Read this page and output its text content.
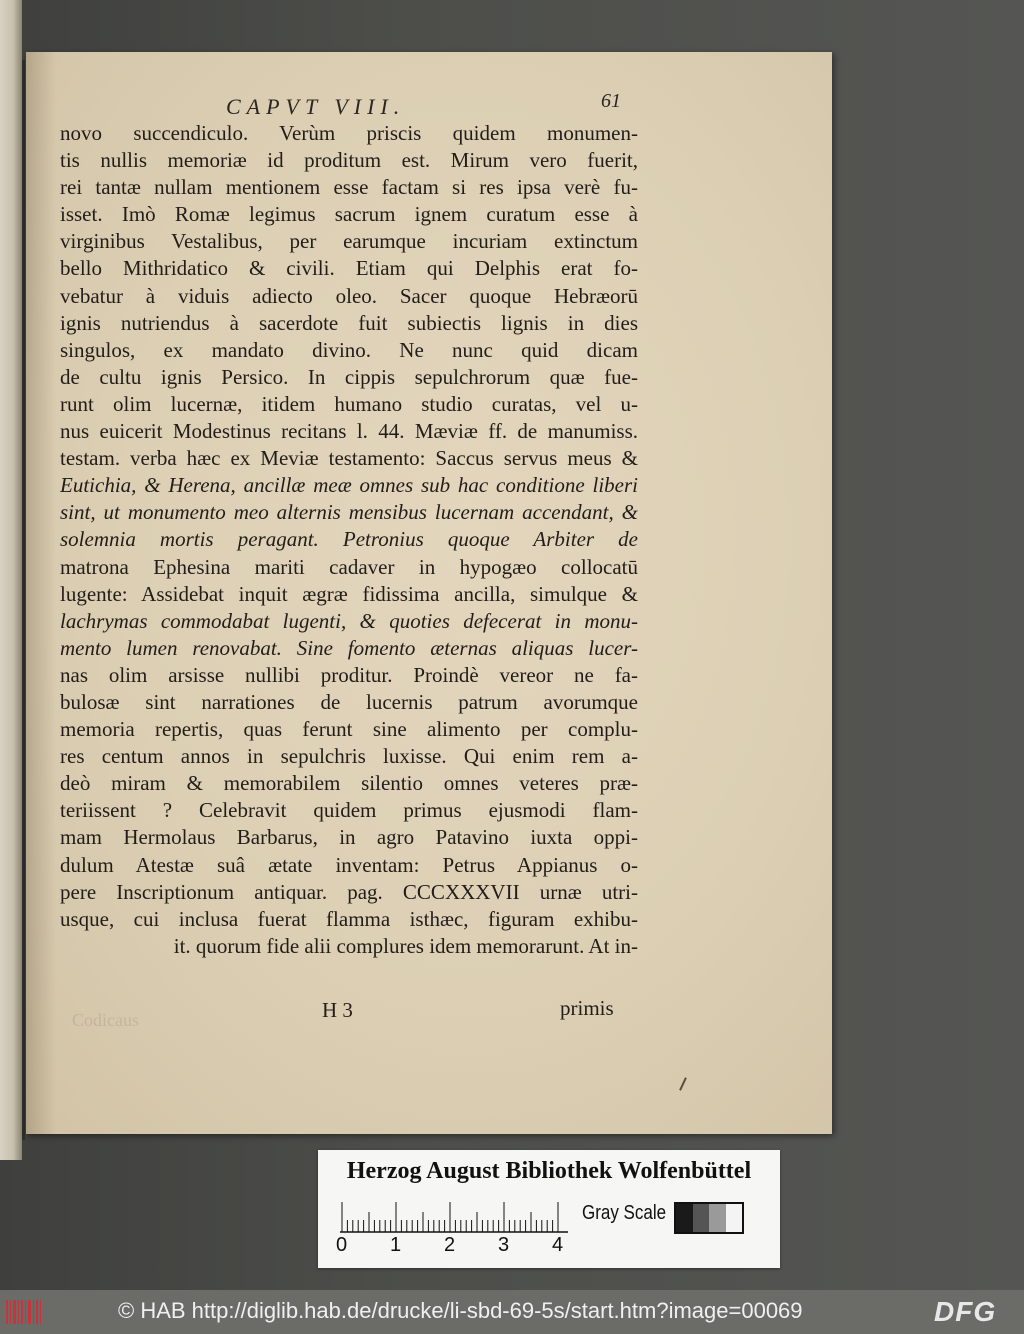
CAPVT VIII.	61
novo succendiculo. Verùm priscis quidem monumen-
tis nullis memoriæ id proditum est. Mirum vero fuerit,
rei tantæ nullam mentionem esse factam si res ipsa verè fu-
isset. Imò Romæ legimus sacrum ignem curatum esse à
virginibus Vestalibus, per earumque incuriam extinctum
bello Mithridatico & civili. Etiam qui Delphis erat fo-
vebatur à viduis adiecto oleo. Sacer quoque Hebræorū
ignis nutriendus à sacerdote fuit subiectis lignis in dies
singulos, ex mandato divino. Ne nunc quid dicam
de cultu ignis Persico. In cippis sepulchrorum quæ fue-
runt olim lucernæ, itidem humano studio curatas, vel u-
nus euicerit Modestinus recitans l. 44. Mæviæ ff. de manumiss.
testam. verba hæc ex Meviæ testamento: Saccus servus meus &
Eutichia, & Herena, ancillæ meæ omnes sub hac conditione liberi
sint, ut monumento meo alternis mensibus lucernam accendant, &
solemnia mortis peragant. Petronius quoque Arbiter de
matrona Ephesina mariti cadaver in hypogæo collocatū
lugente: Assidebat inquit ægræ fidissima ancilla, simulque &
lachrymas commodabat lugenti, & quoties defecerat in monu-
mento lumen renovabat. Sine fomento æternas aliquas lucer-
nas olim arsisse nullibi proditur. Proindè vereor ne fa-
bulosæ sint narrationes de lucernis patrum avorumque
memoria repertis, quas ferunt sine alimento per complu-
res centum annos in sepulchris luxisse. Qui enim rem a-
deò miram & memorabilem silentio omnes veteres præ-
teriissent ? Celebravit quidem primus ejusmodi flam-
mam Hermolaus Barbarus, in agro Patavino iuxta oppi-
dulum Atestæ suâ ætate inventam: Petrus Appianus o-
pere Inscriptionum antiquar. pag. CCCXXXVII urnæ utri-
usque, cui inclusa fuerat flamma isthæc, figuram exhibu-
it. quorum fide alii complures idem memorarunt. At in-
Codicaus	H 3	primis
Herzog August Bibliothek Wolfenbüttel
0 1 2 3 4
Gray Scale
© HAB http://diglib.hab.de/drucke/li-sbd-69-5s/start.htm?image=00069	DFG
